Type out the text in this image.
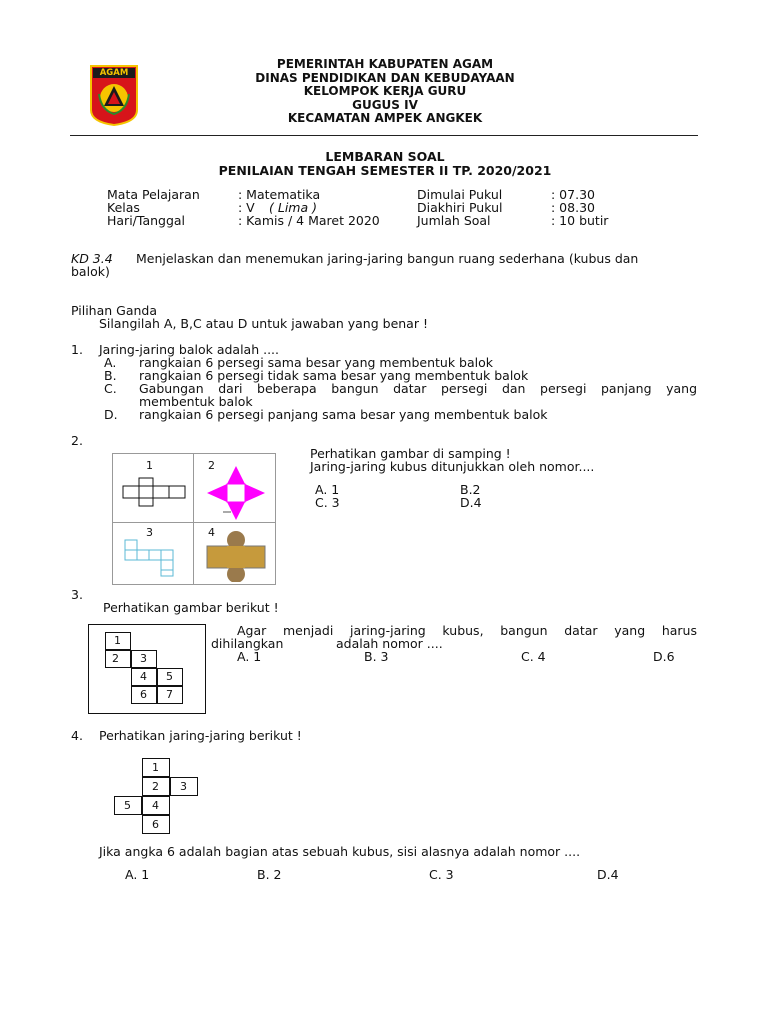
AGAM
PEMERINTAH KABUPATEN AGAM
DINAS PENDIDIKAN DAN KEBUDAYAAN
KELOMPOK KERJA GURU
GUGUS IV
KECAMATAN AMPEK ANGKEK
LEMBARAN SOAL
PENILAIAN TENGAH SEMESTER II TP. 2020/2021
Mata Pelajaran	: Matematika
Kelas	: V ( Lima )
Hari/Tanggal	: Kamis / 4 Maret 2020
Dimulai Pukul	: 07.30
Diakhiri Pukul	: 08.30
Jumlah Soal	: 10 butir
KD 3.4 Menjelaskan dan menemukan jaring-jaring bangun ruang sederhana (kubus dan
balok)
Pilihan Ganda
Silangilah A, B,C atau D untuk jawaban yang benar !
1. Jaring-jaring balok adalah ....
A. rangkaian 6 persegi sama besar yang membentuk balok
B. rangkaian 6 persegi tidak sama besar yang membentuk balok
C. Gabungan dari beberapa bangun datar persegi dan persegi panjang yang
membentuk balok
D. rangkaian 6 persegi panjang sama besar yang membentuk balok
2.
1	2
3	4
Perhatikan gambar di samping !
Jaring-jaring kubus ditunjukkan oleh nomor....
A. 1	B.2
C. 3	D.4
3.
Perhatikan gambar berikut !
1
2 3
4 5
6 7
Agar menjadi jaring-jaring kubus, bangun datar yang harus
dihilangkan	adalah nomor ....
A. 1	B. 3	C. 4	D.6
4. Perhatikan jaring-jaring berikut !
1
2 3
5 4
6
Jika angka 6 adalah bagian atas sebuah kubus, sisi alasnya adalah nomor ....
A. 1	B. 2	C. 3	D.4
